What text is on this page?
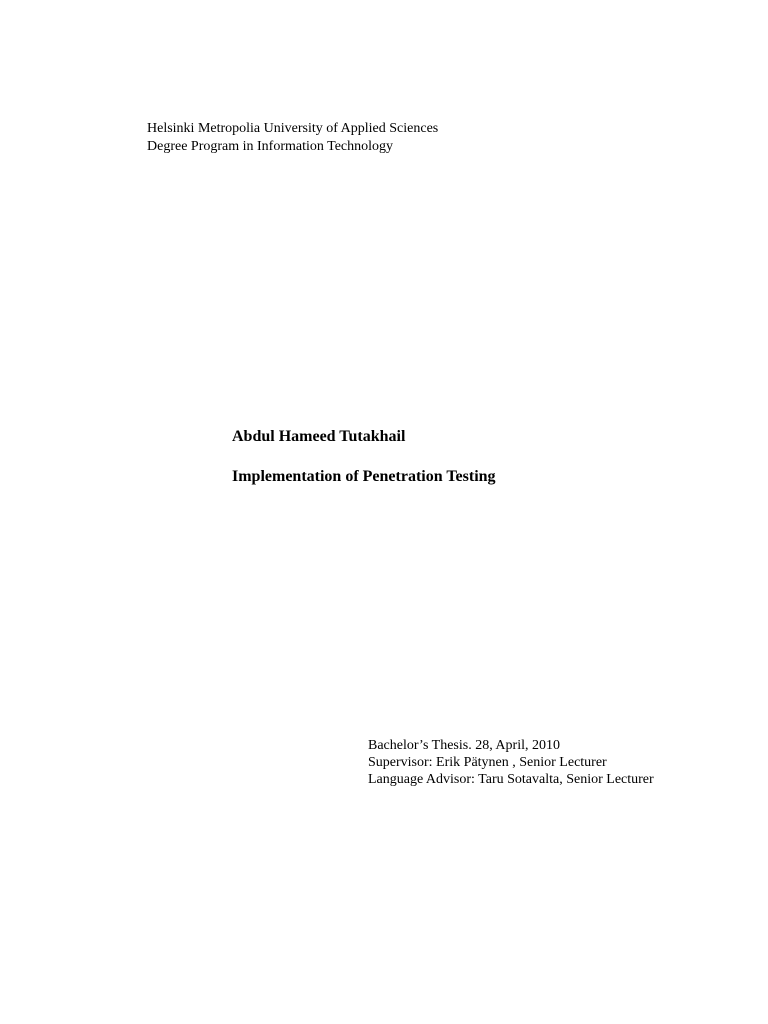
Helsinki Metropolia University of Applied Sciences
Degree Program in Information Technology
Abdul Hameed Tutakhail
Implementation of Penetration Testing
Bachelor’s Thesis. 28, April, 2010
Supervisor: Erik Pätynen , Senior Lecturer
Language Advisor: Taru Sotavalta, Senior Lecturer
